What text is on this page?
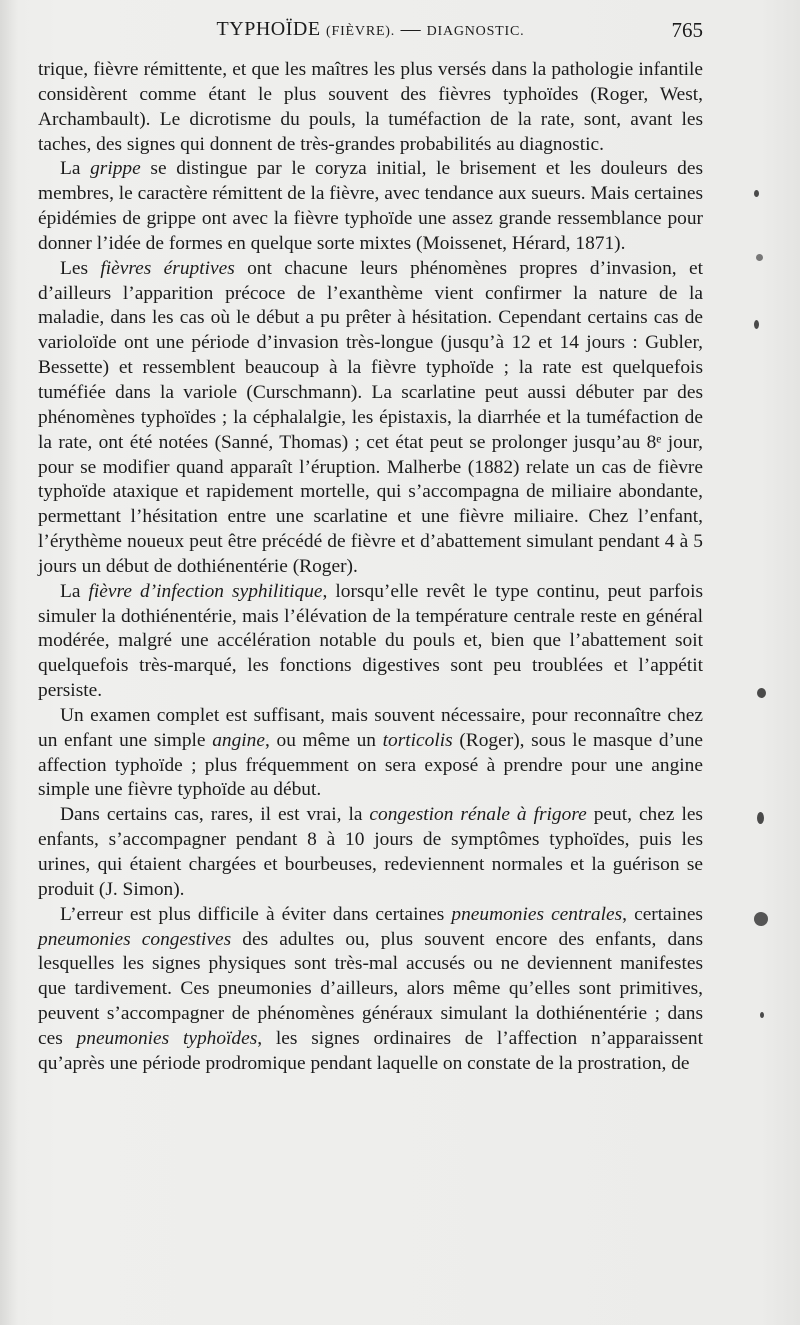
TYPHOÏDE (FIÈVRE). — DIAGNOSTIC.	765

trique, fièvre rémittente, et que les maîtres les plus versés dans la pathologie infantile considèrent comme étant le plus souvent des fièvres typhoïdes (Roger, West, Archambault). Le dicrotisme du pouls, la tuméfaction de la rate, sont, avant les taches, des signes qui donnent de très-grandes probabilités au diagnostic.

La grippe se distingue par le coryza initial, le brisement et les douleurs des membres, le caractère rémittent de la fièvre, avec tendance aux sueurs. Mais certaines épidémies de grippe ont avec la fièvre typhoïde une assez grande ressemblance pour donner l’idée de formes en quelque sorte mixtes (Moissenet, Hérard, 1871).

Les fièvres éruptives ont chacune leurs phénomènes propres d’invasion, et d’ailleurs l’apparition précoce de l’exanthème vient confirmer la nature de la maladie, dans les cas où le début a pu prêter à hésitation. Cependant certains cas de varioloïde ont une période d’invasion très-longue (jusqu’à 12 et 14 jours : Gubler, Bessette) et ressemblent beaucoup à la fièvre typhoïde ; la rate est quelquefois tuméfiée dans la variole (Curschmann). La scarlatine peut aussi débuter par des phénomènes typhoïdes ; la céphalalgie, les épistaxis, la diarrhée et la tuméfaction de la rate, ont été notées (Sanné, Thomas) ; cet état peut se prolonger jusqu’au 8ᵉ jour, pour se modifier quand apparaît l’éruption. Malherbe (1882) relate un cas de fièvre typhoïde ataxique et rapidement mortelle, qui s’accompagna de miliaire abondante, permettant l’hésitation entre une scarlatine et une fièvre miliaire. Chez l’enfant, l’érythème noueux peut être précédé de fièvre et d’abattement simulant pendant 4 à 5 jours un début de dothiénentérie (Roger).

La fièvre d’infection syphilitique, lorsqu’elle revêt le type continu, peut parfois simuler la dothiénentérie, mais l’élévation de la température centrale reste en général modérée, malgré une accélération notable du pouls et, bien que l’abattement soit quelquefois très-marqué, les fonctions digestives sont peu troublées et l’appétit persiste.

Un examen complet est suffisant, mais souvent nécessaire, pour reconnaître chez un enfant une simple angine, ou même un torticolis (Roger), sous le masque d’une affection typhoïde ; plus fréquemment on sera exposé à prendre pour une angine simple une fièvre typhoïde au début.

Dans certains cas, rares, il est vrai, la congestion rénale à frigore peut, chez les enfants, s’accompagner pendant 8 à 10 jours de symptômes typhoïdes, puis les urines, qui étaient chargées et bourbeuses, redeviennent normales et la guérison se produit (J. Simon).

L’erreur est plus difficile à éviter dans certaines pneumonies centrales, certaines pneumonies congestives des adultes ou, plus souvent encore des enfants, dans lesquelles les signes physiques sont très-mal accusés ou ne deviennent manifestes que tardivement. Ces pneumonies d’ailleurs, alors même qu’elles sont primitives, peuvent s’accompagner de phénomènes généraux simulant la dothiénentérie ; dans ces pneumonies typhoïdes, les signes ordinaires de l’affection n’apparaissent qu’après une période prodromique pendant laquelle on constate de la prostration, de
